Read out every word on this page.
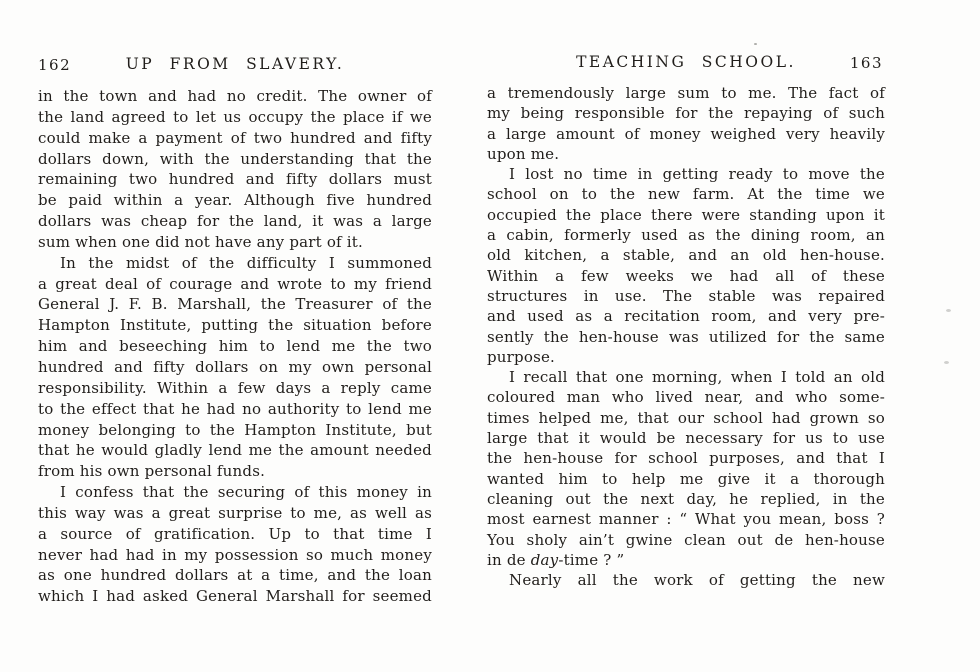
162	UP FROM SLAVERY.
in the town and had no credit. The owner of
the land agreed to let us occupy the place if we
could make a payment of two hundred and fifty
dollars down, with the understanding that the
remaining two hundred and fifty dollars must
be paid within a year. Although five hundred
dollars was cheap for the land, it was a large
sum when one did not have any part of it.
In the midst of the difficulty I summoned
a great deal of courage and wrote to my friend
General J. F. B. Marshall, the Treasurer of the
Hampton Institute, putting the situation before
him and beseeching him to lend me the two
hundred and fifty dollars on my own personal
responsibility. Within a few days a reply came
to the effect that he had no authority to lend me
money belonging to the Hampton Institute, but
that he would gladly lend me the amount needed
from his own personal funds.
I confess that the securing of this money in
this way was a great surprise to me, as well as
a source of gratification. Up to that time I
never had had in my possession so much money
as one hundred dollars at a time, and the loan
which I had asked General Marshall for seemed
TEACHING SCHOOL.	163
a tremendously large sum to me. The fact of
my being responsible for the repaying of such
a large amount of money weighed very heavily
upon me.
I lost no time in getting ready to move the
school on to the new farm. At the time we
occupied the place there were standing upon it
a cabin, formerly used as the dining room, an
old kitchen, a stable, and an old hen-house.
Within a few weeks we had all of these
structures in use. The stable was repaired
and used as a recitation room, and very pre-
sently the hen-house was utilized for the same
purpose.
I recall that one morning, when I told an old
coloured man who lived near, and who some-
times helped me, that our school had grown so
large that it would be necessary for us to use
the hen-house for school purposes, and that I
wanted him to help me give it a thorough
cleaning out the next day, he replied, in the
most earnest manner : “ What you mean, boss ?
You sholy ain’t gwine clean out de hen-house
in de day-time ? ”
Nearly all the work of getting the new
